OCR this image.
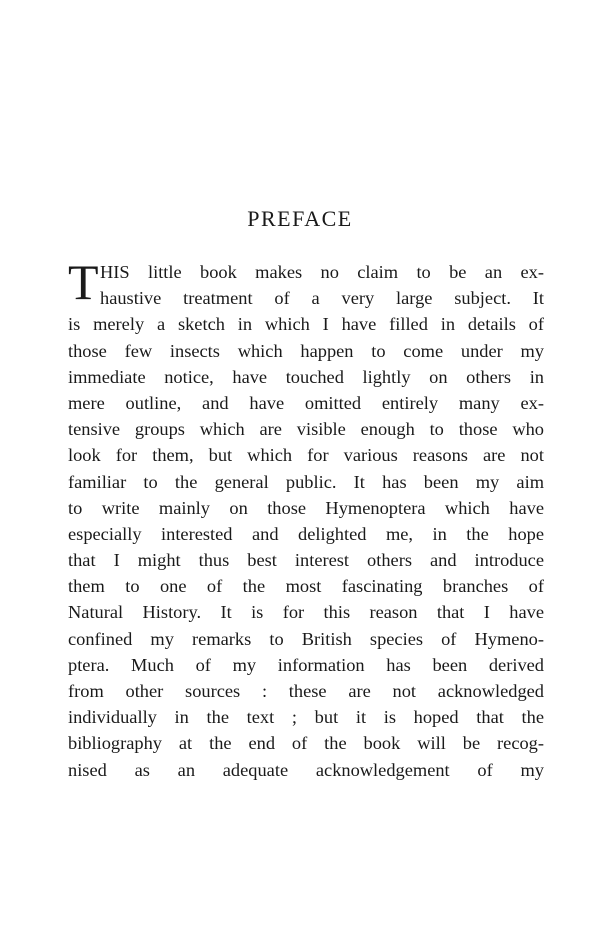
PREFACE
T HIS little book makes no claim to be an ex-
haustive treatment of a very large subject. It
is merely a sketch in which I have filled in details of
those few insects which happen to come under my
immediate notice, have touched lightly on others in
mere outline, and have omitted entirely many ex-
tensive groups which are visible enough to those who
look for them, but which for various reasons are not
familiar to the general public. It has been my aim
to write mainly on those Hymenoptera which have
especially interested and delighted me, in the hope
that I might thus best interest others and introduce
them to one of the most fascinating branches of
Natural History. It is for this reason that I have
confined my remarks to British species of Hymeno-
ptera. Much of my information has been derived
from other sources : these are not acknowledged
individually in the text ; but it is hoped that the
bibliography at the end of the book will be recog-
nised as an adequate acknowledgement of my
